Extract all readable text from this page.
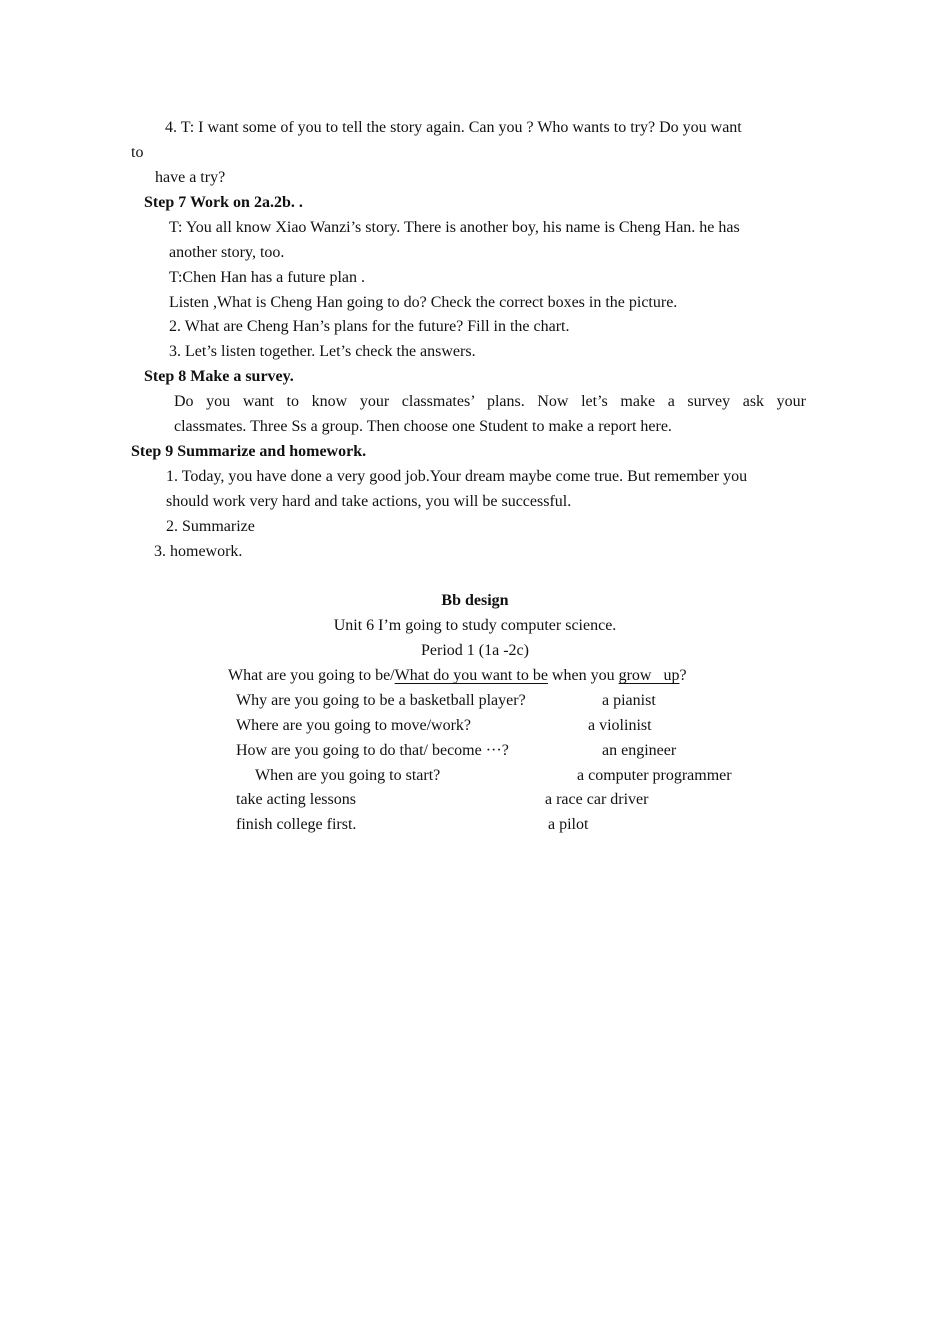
4. T: I want some of you to tell the story again. Can you ? Who wants to try? Do you want
to
have a try?
Step 7 Work on 2a.2b. .
T: You all know Xiao Wanzi’s story. There is another boy, his name is Cheng Han. he has
another story, too.
T:Chen Han has a future plan .
Listen ,What is Cheng Han going to do? Check the correct boxes in the picture.
2. What are Cheng Han’s plans for the future? Fill in the chart.
3. Let’s listen together. Let’s check the answers.
Step 8 Make a survey.
Do you want to know your classmates’ plans. Now let’s make a survey ask your
classmates. Three Ss a group. Then choose one Student to make a report here.
Step 9 Summarize and homework.
1. Today, you have done a very good job.Your dream maybe come true. But remember you
should work very hard and take actions, you will be successful.
2. Summarize
3. homework.
Bb design
Unit 6 I’m going to study computer science.
Period 1 (1a -2c)
What are you going to be/What do you want to be when you grow   up?
Why are you going to be a basketball player?
Where are you going to move/work?
How are you going to do that/ become ···?
When are you going to start?
take acting lessons
finish college first.
a pianist
a violinist
an engineer
a computer programmer
a race car driver
a pilot
